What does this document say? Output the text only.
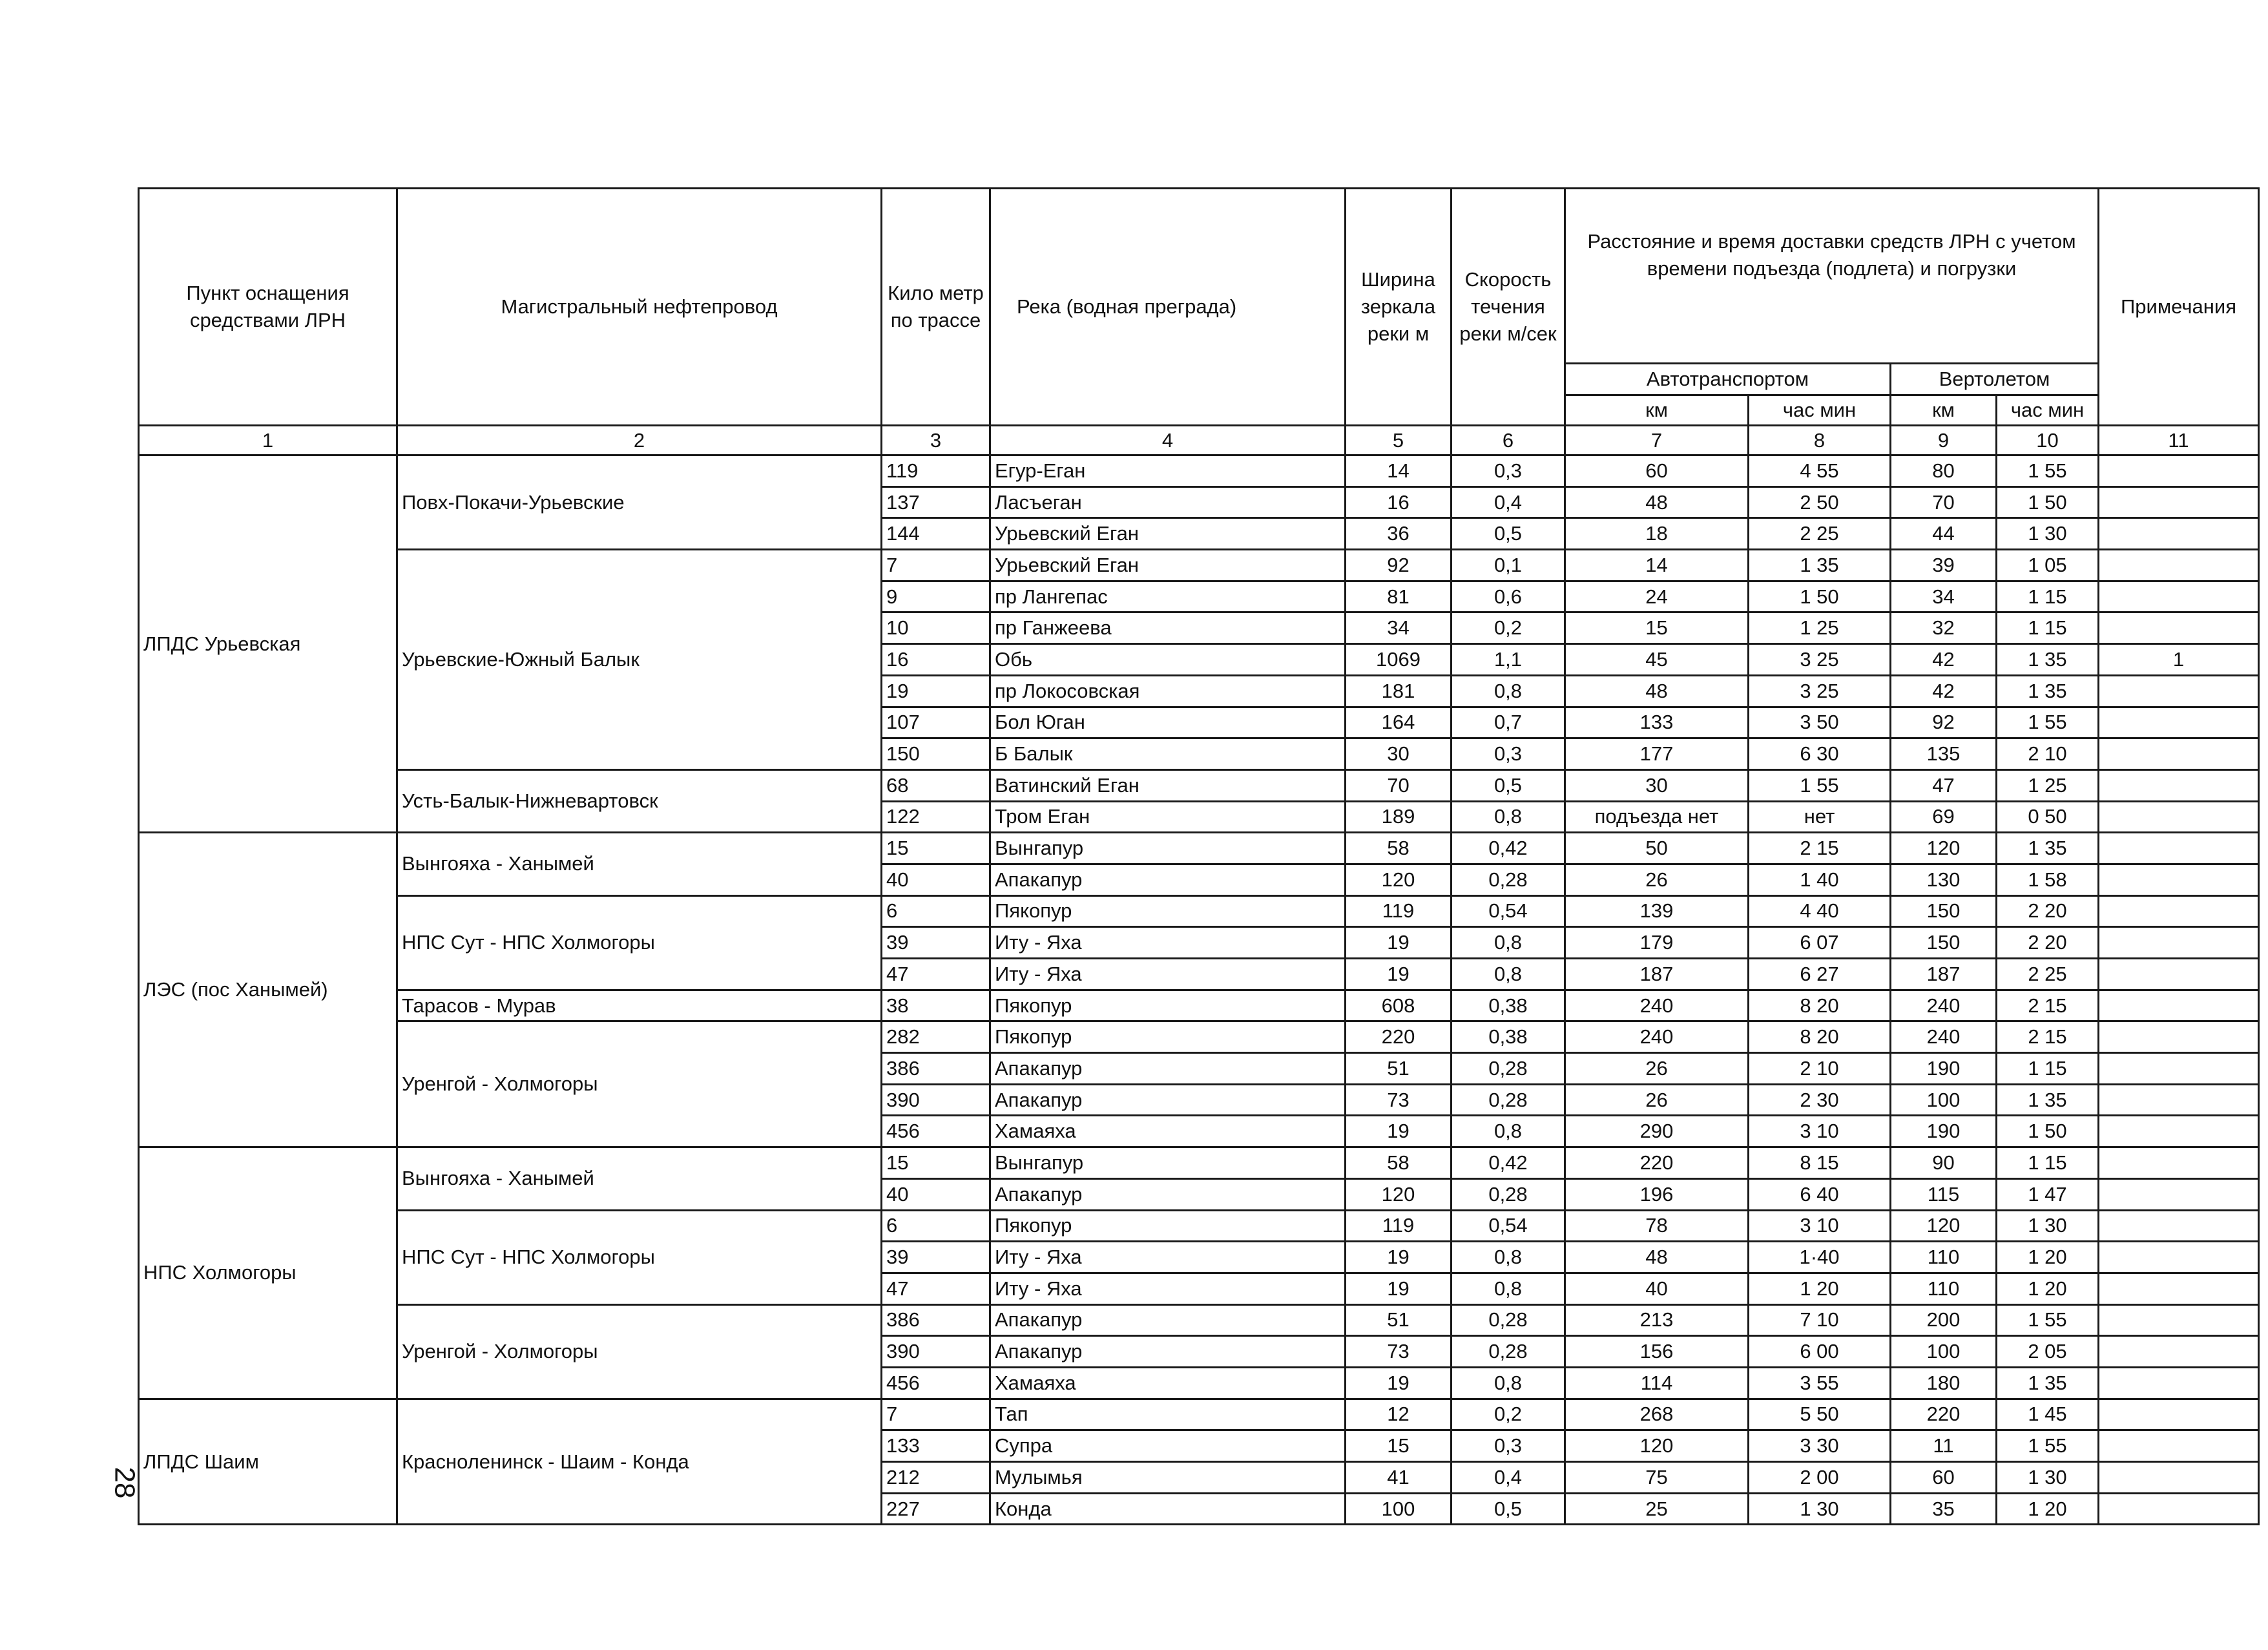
28
Пункт оснащения средствами ЛРН	Магистральный нефтепровод	Кило метр по трассе	Река (водная преграда)	Ширина зеркала реки м	Скорость течения реки м/сек	Расстояние и время доставки средств ЛРН с учетом времени подъезда (подлета) и погрузки				Примечания
						Автотранспортом		Вертолетом		
						км	час мин	км	час мин	
1	2	3	4	5	6	7	8	9	10	11
ЛПДС Урьевская	Повх-Покачи-Урьевские	119	Егур-Еган	14	0,3	60	4 55	80	1 55	
		137	Ласъеган	16	0,4	48	2 50	70	1 50	
		144	Урьевский Еган	36	0,5	18	2 25	44	1 30	
	Урьевские-Южный Балык	7	Урьевский Еган	92	0,1	14	1 35	39	1 05	
		9	пр Лангепас	81	0,6	24	1 50	34	1 15	
		10	пр Ганжеева	34	0,2	15	1 25	32	1 15	
		16	Обь	1069	1,1	45	3 25	42	1 35	1
		19	пр Локосовская	181	0,8	48	3 25	42	1 35	
		107	Бол Юган	164	0,7	133	3 50	92	1 55	
		150	Б Балык	30	0,3	177	6 30	135	2 10	
	Усть-Балык-Нижневартовск	68	Ватинский Еган	70	0,5	30	1 55	47	1 25	
		122	Тром Еган	189	0,8	подъезда нет	нет	69	0 50	
ЛЭС (пос Ханымей)	Вынгояха - Ханымей	15	Вынгапур	58	0,42	50	2 15	120	1 35	
		40	Апакапур	120	0,28	26	1 40	130	1 58	
	НПС Сут - НПС Холмогоры	6	Пякопур	119	0,54	139	4 40	150	2 20	
		39	Иту - Яха	19	0,8	179	6 07	150	2 20	
		47	Иту - Яха	19	0,8	187	6 27	187	2 25	
	Тарасов - Мурав	38	Пякопур	608	0,38	240	8 20	240	2 15	
	Уренгой - Холмогоры	282	Пякопур	220	0,38	240	8 20	240	2 15	
		386	Апакапур	51	0,28	26	2 10	190	1 15	
		390	Апакапур	73	0,28	26	2 30	100	1 35	
		456	Хамаяха	19	0,8	290	3 10	190	1 50	
НПС Холмогоры	Вынгояха - Ханымей	15	Вынгапур	58	0,42	220	8 15	90	1 15	
		40	Апакапур	120	0,28	196	6 40	115	1 47	
	НПС Сут - НПС Холмогоры	6	Пякопур	119	0,54	78	3 10	120	1 30	
		39	Иту - Яха	19	0,8	48	1·40	110	1 20	
		47	Иту - Яха	19	0,8	40	1 20	110	1 20	
	Уренгой - Холмогоры	386	Апакапур	51	0,28	213	7 10	200	1 55	
		390	Апакапур	73	0,28	156	6 00	100	2 05	
		456	Хамаяха	19	0,8	114	3 55	180	1 35	
ЛПДС Шаим	Красноленинск - Шаим - Конда	7	Тап	12	0,2	268	5 50	220	1 45	
		133	Супра	15	0,3	120	3 30	11	1 55	
		212	Мулымья	41	0,4	75	2 00	60	1 30	
		227	Конда	100	0,5	25	1 30	35	1 20	
